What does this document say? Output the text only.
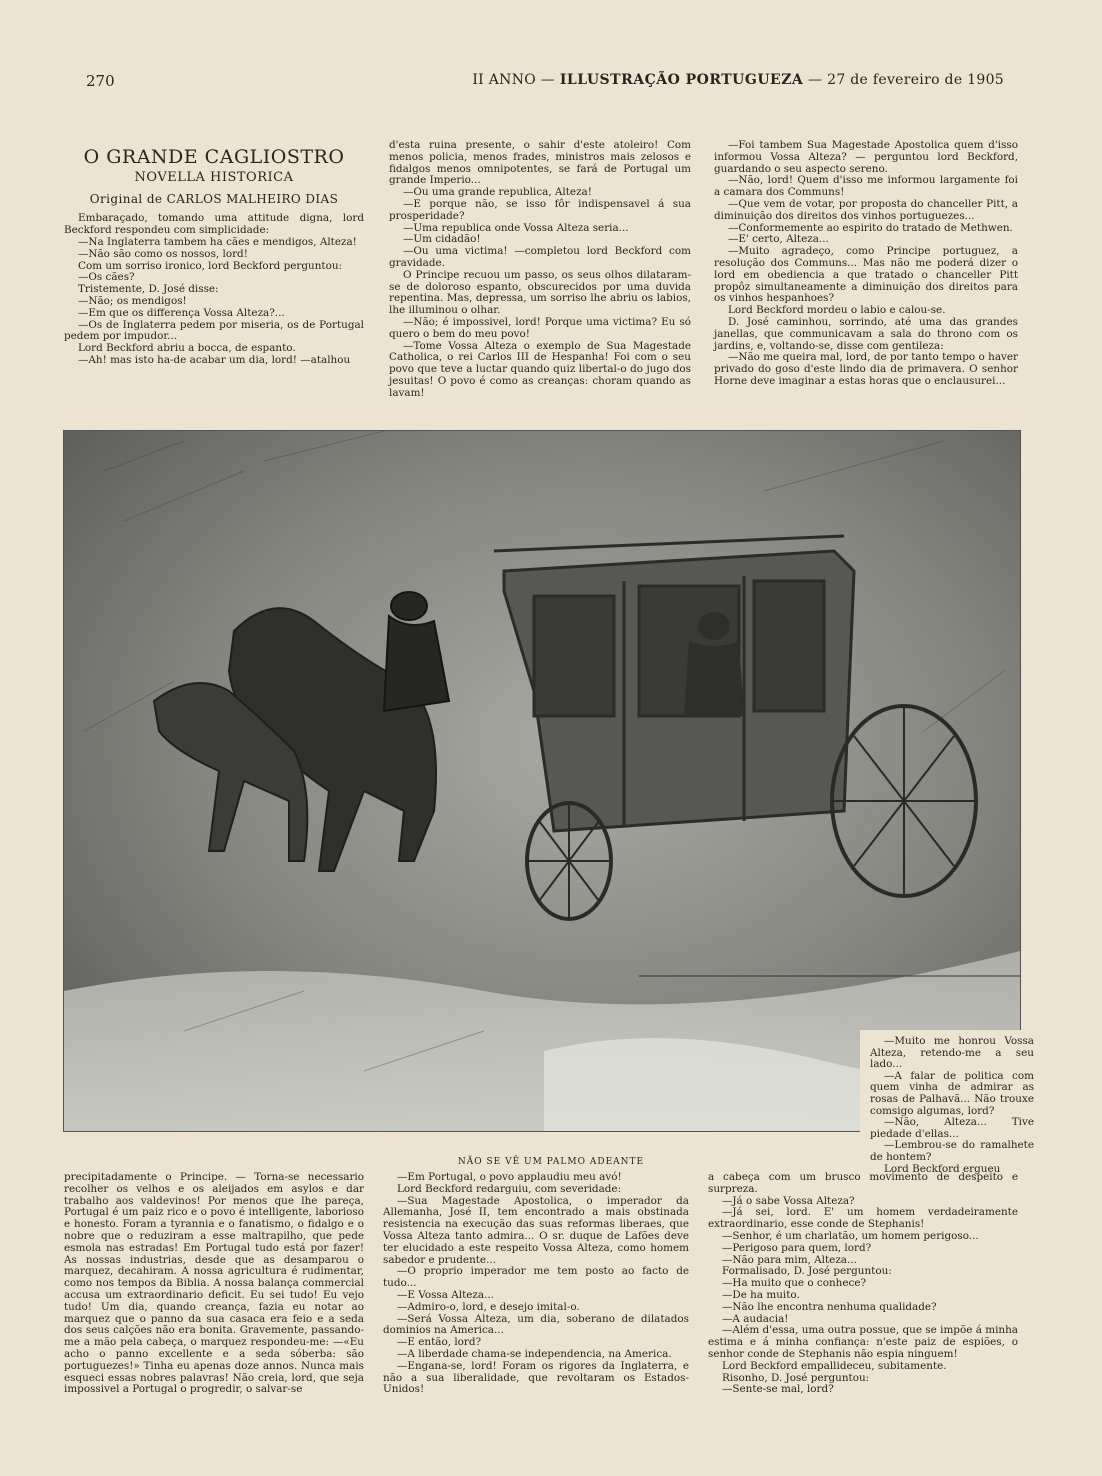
270	II ANNO — ILLUSTRAÇÃO PORTUGUEZA — 27 de fevereiro de 1905
O GRANDE CAGLIOSTRO
NOVELLA HISTORICA
Original de CARLOS MALHEIRO DIAS

Embaraçado, tomando uma attitude digna, lord Beckford respondeu com simplicidade:

—Na Inglaterra tambem ha cães e mendigos, Alteza!

—Não são como os nossos, lord!

Com um sorriso ironico, lord Beckford perguntou:

—Os cães?

Tristemente, D. José disse:

—Não; os mendigos!

—Em que os differença Vossa Alteza?...

—Os de Inglaterra pedem por miseria, os de Portugal pedem por impudor...

Lord Beckford abriu a bocca, de espanto.

—Ah! mas isto ha-de acabar um dia, lord! —atalhou

d'esta ruina presente, o sahir d'este atoleiro! Com menos policia, menos frades, ministros mais zelosos e fidalgos menos omnipotentes, se fará de Portugal um grande Imperio...

—Ou uma grande republica, Alteza!

—E porque não, se isso fôr indispensavel á sua prosperidade?

—Uma republica onde Vossa Alteza seria...

—Um cidadão!

—Ou uma victima! —completou lord Beckford com gravidade.

O Principe recuou um passo, os seus olhos dilataram-se de doloroso espanto, obscurecidos por uma duvida repentina. Mas, depressa, um sorriso lhe abriu os labios, lhe illuminou o olhar.

—Não; é impossivel, lord! Porque uma victima? Eu só quero o bem do meu povo!

—Tome Vossa Alteza o exemplo de Sua Magestade Catholica, o rei Carlos III de Hespanha! Foi com o seu povo que teve a luctar quando quiz libertal-o do jugo dos jesuitas! O povo é como as creanças: choram quando as lavam!

—Foi tambem Sua Magestade Apostolica quem d'isso informou Vossa Alteza? — perguntou lord Beckford, guardando o seu aspecto sereno.

—Não, lord! Quem d'isso me informou largamente foi a camara dos Communs!

—Que vem de votar, por proposta do chanceller Pitt, a diminuição dos direitos dos vinhos portuguezes...

—Conformemente ao espirito do tratado de Methwen.

—E' certo, Alteza...

—Muito agradeço, como Principe portuguez, a resolução dos Communs... Mas não me poderá dizer o lord em obediencia a que tratado o chanceller Pitt propôz simultaneamente a diminuição dos direitos para os vinhos hespanhoes?

Lord Beckford mordeu o labio e calou-se.

D. José caminhou, sorrindo, até uma das grandes janellas, que communicavam a sala do throno com os jardins, e, voltando-se, disse com gentileza:

—Não me queira mal, lord, de por tanto tempo o haver privado do goso d'este lindo dia de primavera. O senhor Horne deve imaginar a estas horas que o enclausurei...

NÃO SE VÊ UM PALMO ADEANTE

—Muito me honrou Vossa Alteza, retendo-me a seu lado...

—A falar de politica com quem vinha de admirar as rosas de Palhavã... Não trouxe comsigo algumas, lord?

—Não, Alteza... Tive piedade d'ellas...

—Lembrou-se do ramalhete de hontem?

Lord Beckford ergueu

precipitadamente o Principe. — Torna-se necessario recolher os velhos e os aleijados em asylos e dar trabalho aos valdevinos! Por menos que lhe pareça, Portugal é um paiz rico e o povo é intelligente, laborioso e honesto. Foram a tyrannia e o fanatismo, o fidalgo e o nobre que o reduziram a esse maltrapilho, que pede esmola nas estradas! Em Portugal tudo está por fazer! As nossas industrias, desde que as desamparou o marquez, decahiram. A nossa agricultura é rudimentar, como nos tempos da Biblia. A nossa balança commercial accusa um extraordinario deficit. Eu sei tudo! Eu vejo tudo! Um dia, quando creança, fazia eu notar ao marquez que o panno da sua casaca era feio e a seda dos seus calções não era bonita. Gravemente, passando-me a mão pela cabeça, o marquez respondeu-me: —«Eu acho o panno excellente e a seda sóberba: são portuguezes!» Tinha eu apenas doze annos. Nunca mais esqueci essas nobres palavras! Não creia, lord, que seja impossivel a Portugal o progredir, o salvar-se

—Em Portugal, o povo applaudiu meu avó!

Lord Beckford redarguiu, com severidade:

—Sua Magestade Apostolica, o imperador da Allemanha, José II, tem encontrado a mais obstinada resistencia na execução das suas reformas liberaes, que Vossa Alteza tanto admira... O sr. duque de Lafões deve ter elucidado a este respeito Vossa Alteza, como homem sabedor e prudente...

—O proprio imperador me tem posto ao facto de tudo...

—E Vossa Alteza...

—Admiro-o, lord, e desejo imital-o.

—Será Vossa Alteza, um dia, soberano de dilatados dominios na America...

—E então, lord?

—A liberdade chama-se independencia, na America.

—Engana-se, lord! Foram os rigores da Inglaterra, e não a sua liberalidade, que revoltaram os Estados-Unidos!

a cabeça com um brusco movimento de despeito e surpreza.

—Já o sabe Vossa Alteza?

—Já sei, lord. E' um homem verdadeiramente extraordinario, esse conde de Stephanis!

—Senhor, é um charlatão, um homem perigoso...

—Perigoso para quem, lord?

—Não para mim, Alteza...

Formalisado, D. José perguntou:

—Ha muito que o conhece?

—De ha muito.

—Não lhe encontra nenhuma qualidade?

—A audacia!

—Além d'essa, uma outra possue, que se impõe á minha estima e á minha confiança: n'este paiz de espiões, o senhor conde de Stephanis não espia ninguem!

Lord Beckford empallideceu, subitamente.

Risonho, D. José perguntou:

—Sente-se mal, lord?
